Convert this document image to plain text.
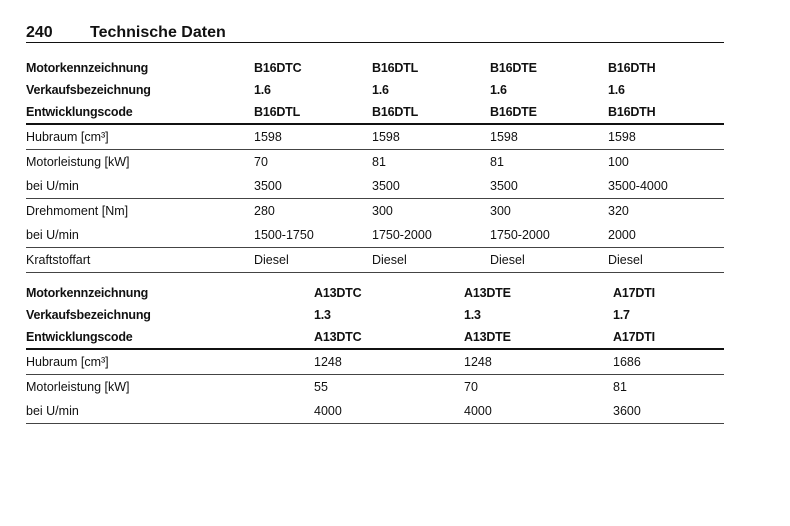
240 Technische Daten
Motorkennzeichnung	B16DTC	B16DTL	B16DTE	B16DTH
Verkaufsbezeichnung	1.6	1.6	1.6	1.6
Entwicklungscode	B16DTL	B16DTL	B16DTE	B16DTH
Hubraum [cm³]	1598	1598	1598	1598
Motorleistung [kW]	70	81	81	100
bei U/min	3500	3500	3500	3500-4000
Drehmoment [Nm]	280	300	300	320
bei U/min	1500-1750	1750-2000	1750-2000	2000
Kraftstoffart	Diesel	Diesel	Diesel	Diesel
Motorkennzeichnung	A13DTC	A13DTE	A17DTI
Verkaufsbezeichnung	1.3	1.3	1.7
Entwicklungscode	A13DTC	A13DTE	A17DTI
Hubraum [cm³]	1248	1248	1686
Motorleistung [kW]	55	70	81
bei U/min	4000	4000	3600
